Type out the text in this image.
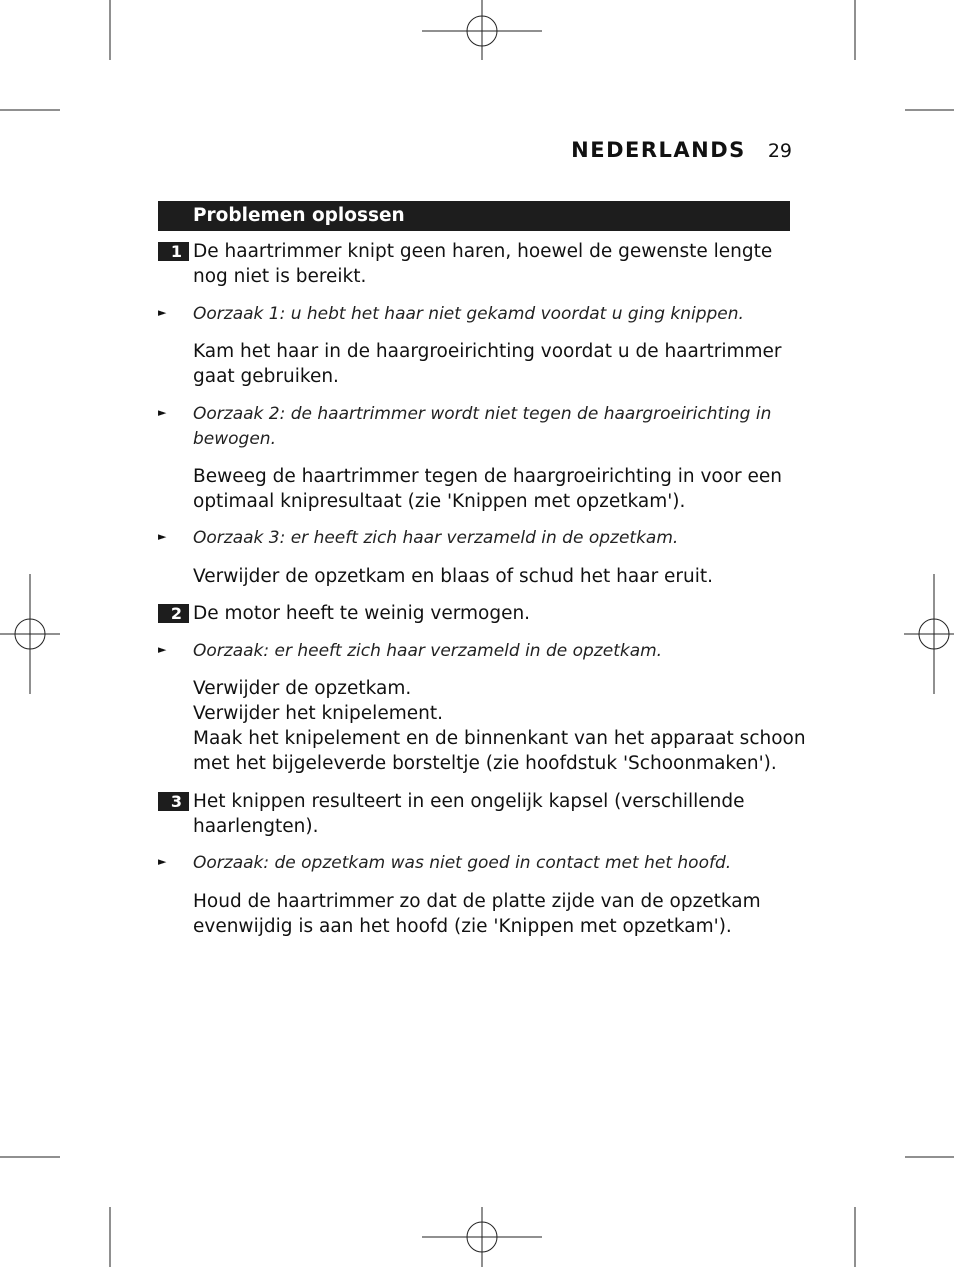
NEDERLANDS 29
Problemen oplossen
1 De haartrimmer knipt geen haren, hoewel de gewenste lengte
nog niet is bereikt.
► Oorzaak 1: u hebt het haar niet gekamd voordat u ging knippen.
Kam het haar in de haargroeirichting voordat u de haartrimmer
gaat gebruiken.
► Oorzaak 2: de haartrimmer wordt niet tegen de haargroeirichting in
bewogen.
Beweeg de haartrimmer tegen de haargroeirichting in voor een
optimaal knipresultaat (zie 'Knippen met opzetkam').
► Oorzaak 3: er heeft zich haar verzameld in de opzetkam.
Verwijder de opzetkam en blaas of schud het haar eruit.
2 De motor heeft te weinig vermogen.
► Oorzaak: er heeft zich haar verzameld in de opzetkam.
Verwijder de opzetkam.
Verwijder het knipelement.
Maak het knipelement en de binnenkant van het apparaat schoon
met het bijgeleverde borsteltje (zie hoofdstuk 'Schoonmaken').
3 Het knippen resulteert in een ongelijk kapsel (verschillende
haarlengten).
► Oorzaak: de opzetkam was niet goed in contact met het hoofd.
Houd de haartrimmer zo dat de platte zijde van de opzetkam
evenwijdig is aan het hoofd (zie 'Knippen met opzetkam').
